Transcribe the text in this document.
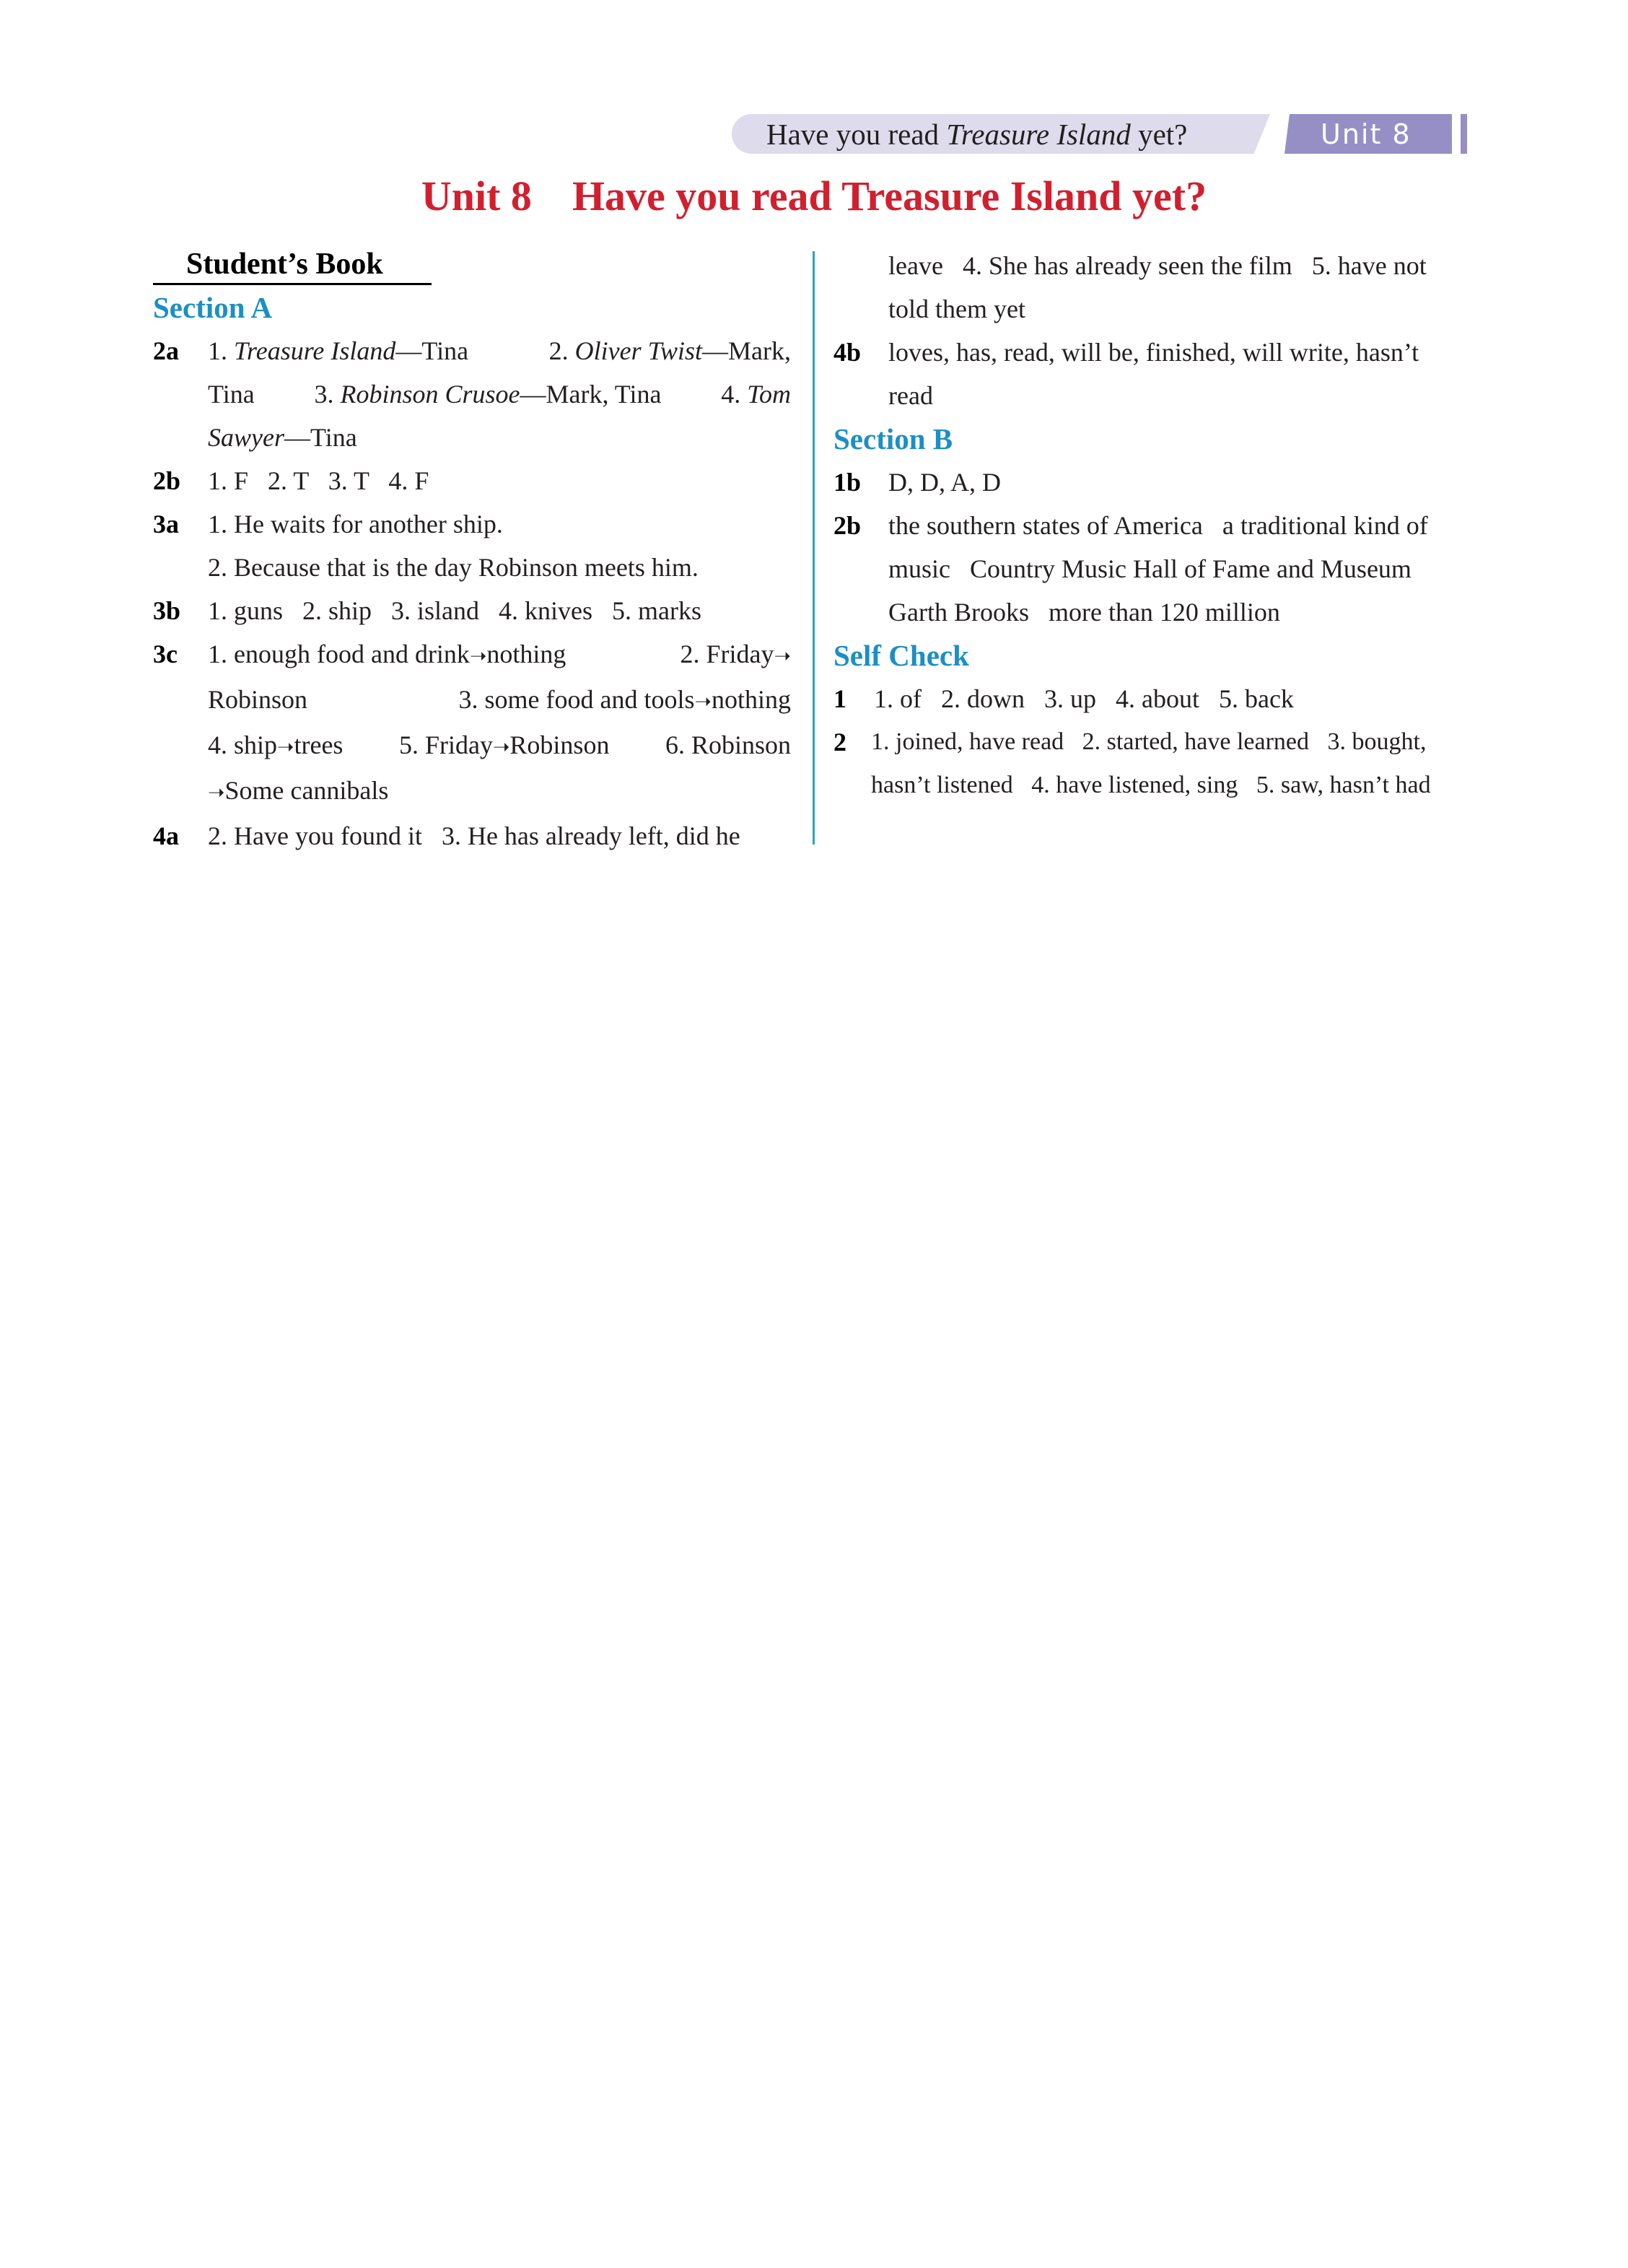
Have you read Treasure Island yet?	Unit 8
Unit 8 Have you read Treasure Island yet?
Student’s Book
Section A
2a 1. Treasure Island—Tina	2. Oliver Twist—Mark,
Tina 3. Robinson Crusoe—Mark, Tina 4. Tom
Sawyer—Tina
2b 1. F   2. T   3. T   4. F
3a 1. He waits for another ship.
2. Because that is the day Robinson meets him.
3b 1. guns   2. ship   3. island   4. knives   5. marks
3c 1. enough food and drink➝nothing	2. Friday➝
Robinson	3. some food and tools➝nothing
4. ship➝trees 5. Friday➝Robinson 6. Robinson
➝Some cannibals
4a 2. Have you found it   3. He has already left, did he
leave   4. She has already seen the film   5. have not
told them yet
4b loves, has, read, will be, finished, will write, hasn’t
read
Section B
1b D, D, A, D
2b the southern states of America   a traditional kind of
music   Country Music Hall of Fame and Museum
Garth Brooks   more than 120 million
Self Check
1 1. of   2. down   3. up   4. about   5. back
2 1. joined, have read   2. started, have learned   3. bought,
hasn’t listened   4. have listened, sing   5. saw, hasn’t had
